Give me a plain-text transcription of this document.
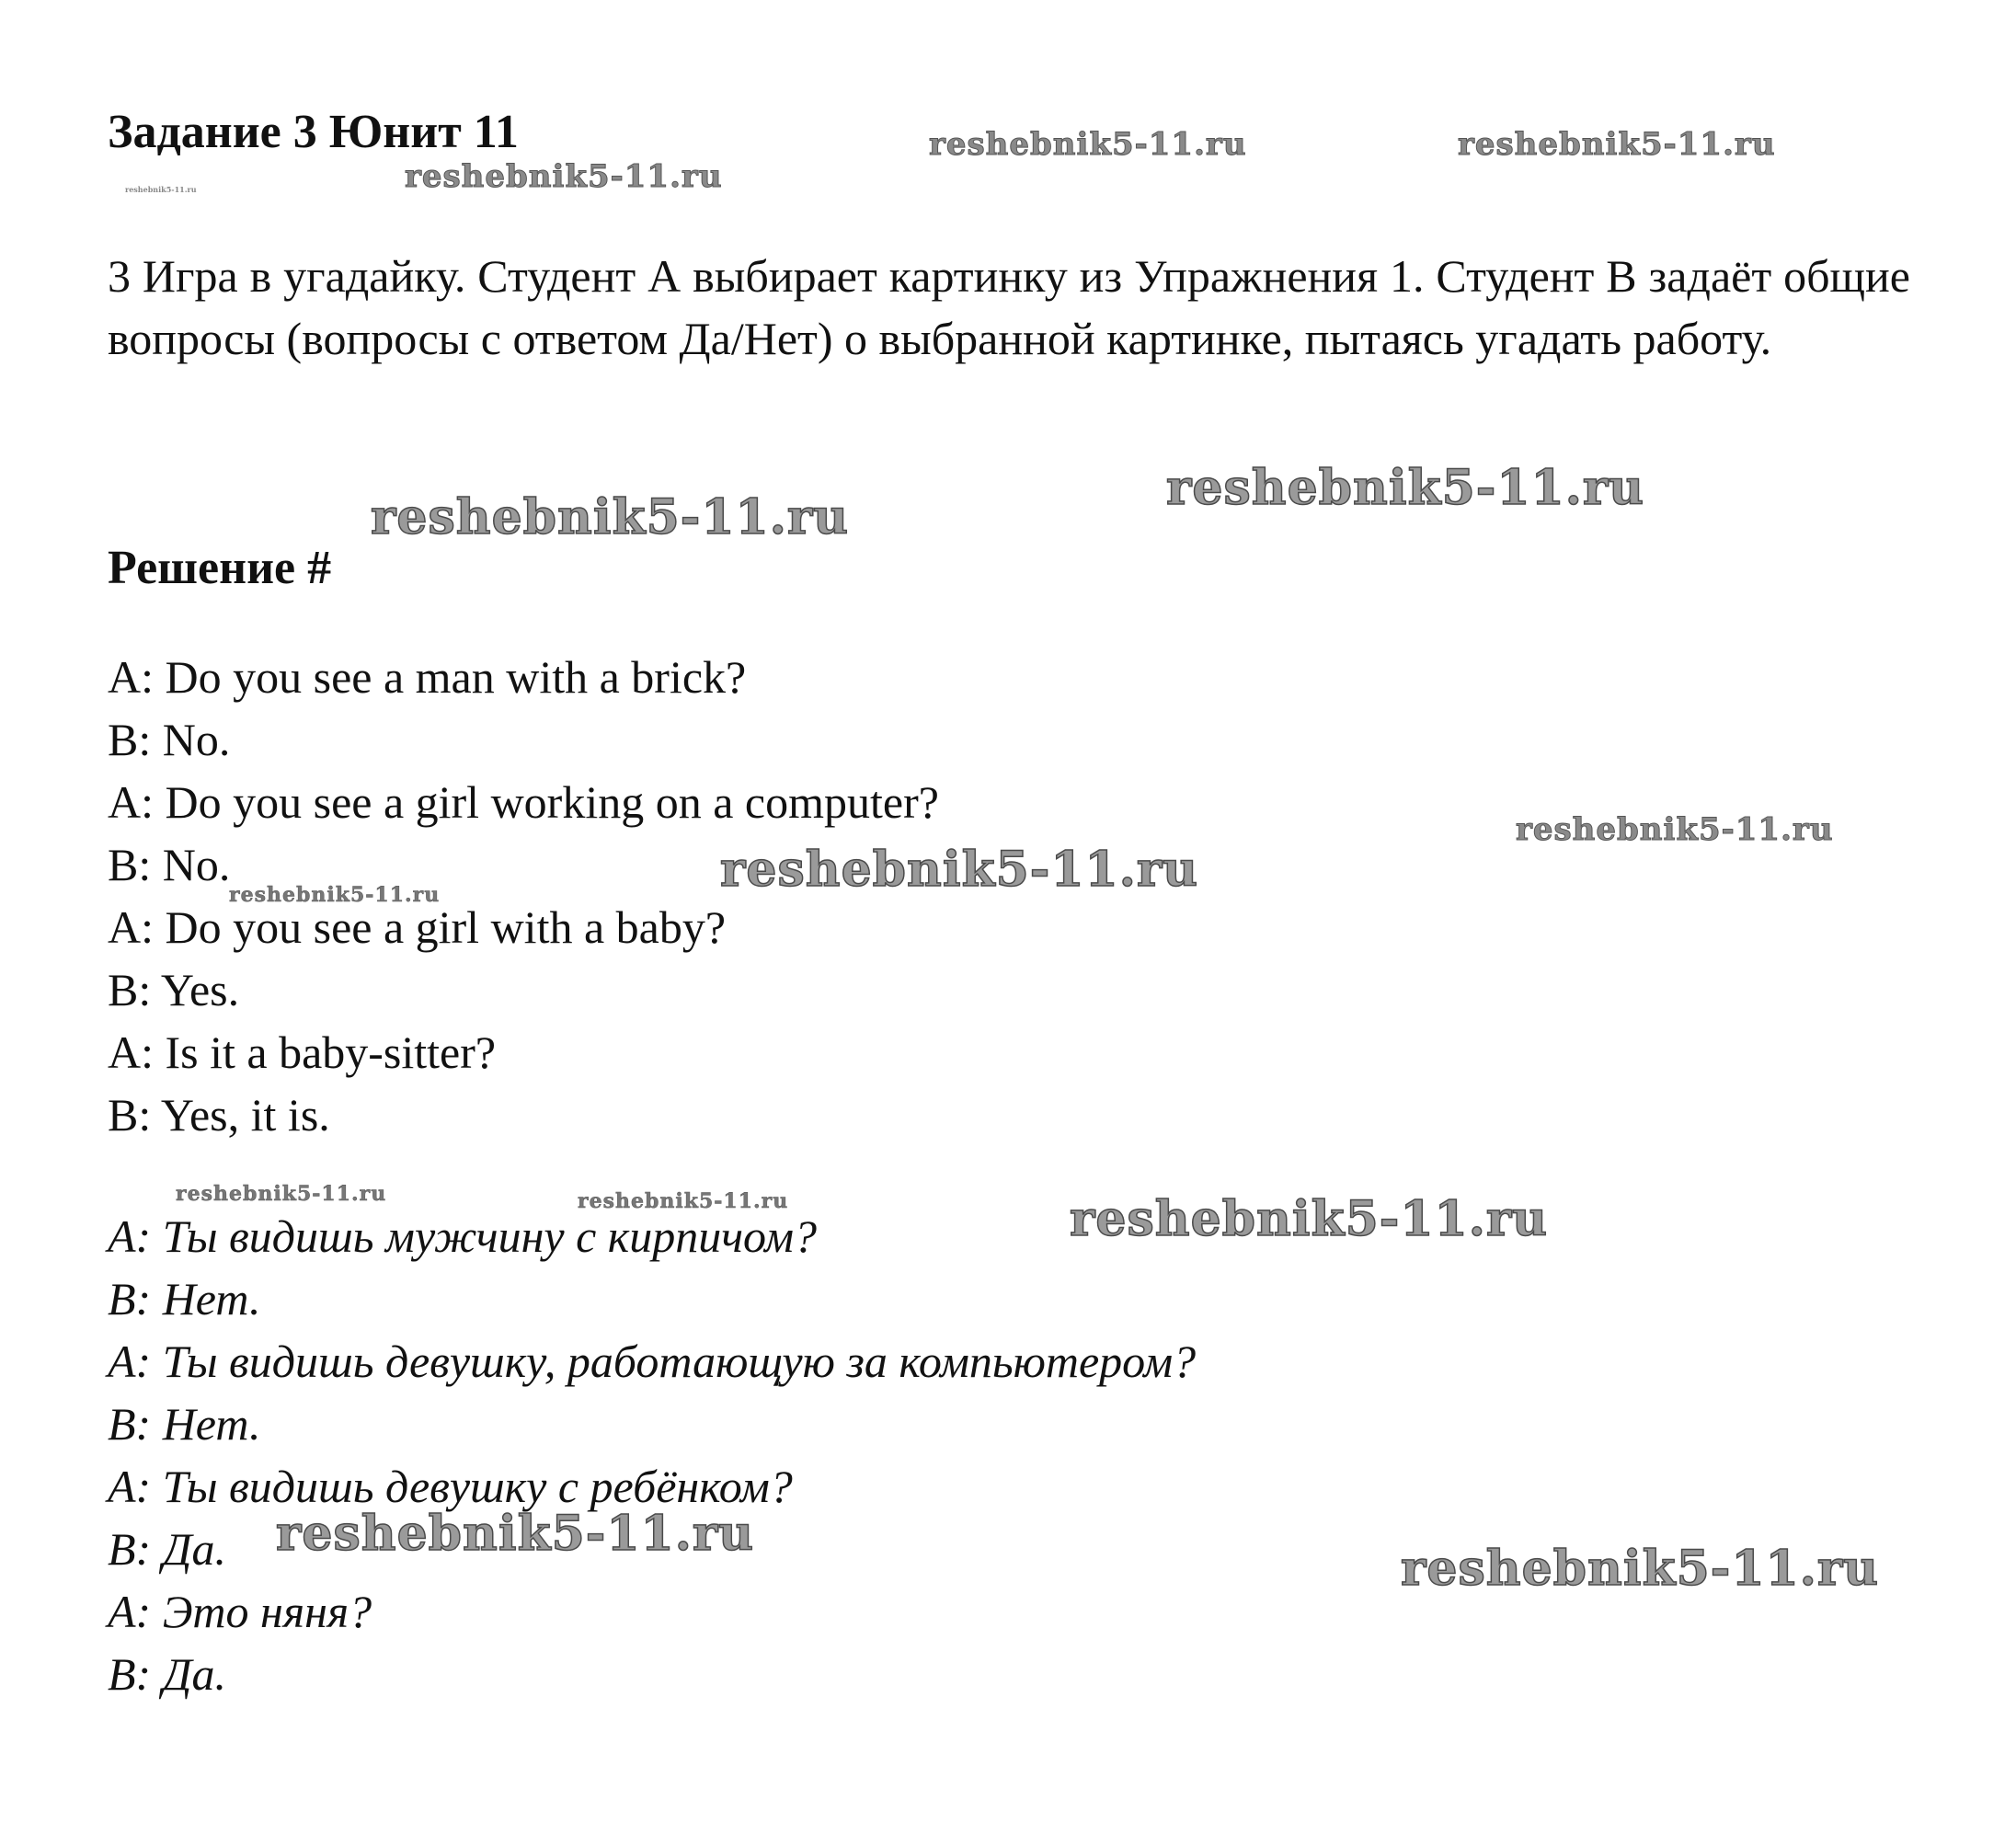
Задание 3 Юнит 11
3 Игра в угадайку. Студент А выбирает картинку из Упражнения 1. Студент В задаёт общие вопросы (вопросы с ответом Да/Нет) о выбранной картинке, пытаясь угадать работу.
Решение #
A: Do you see a man with a brick?
B: No.
A: Do you see a girl working on a computer?
B: No.
A: Do you see a girl with a baby?
B: Yes.
A: Is it a baby-sitter?
B: Yes, it is.
А: Ты видишь мужчину с кирпичом?
В: Нет.
А: Ты видишь девушку, работающую за компьютером?
В: Нет.
А: Ты видишь девушку с ребёнком?
В: Да.
А: Это няня?
В: Да.
reshebnik5-11.ru	reshebnik5-11.ru
reshebnik5-11.ru
reshebnik5-11.ru
reshebnik5-11.ru
reshebnik5-11.ru
reshebnik5-11.ru
reshebnik5-11.ru
reshebnik5-11.ru
reshebnik5-11.ru	reshebnik5-11.ru	reshebnik5-11.ru
reshebnik5-11.ru
reshebnik5-11.ru
